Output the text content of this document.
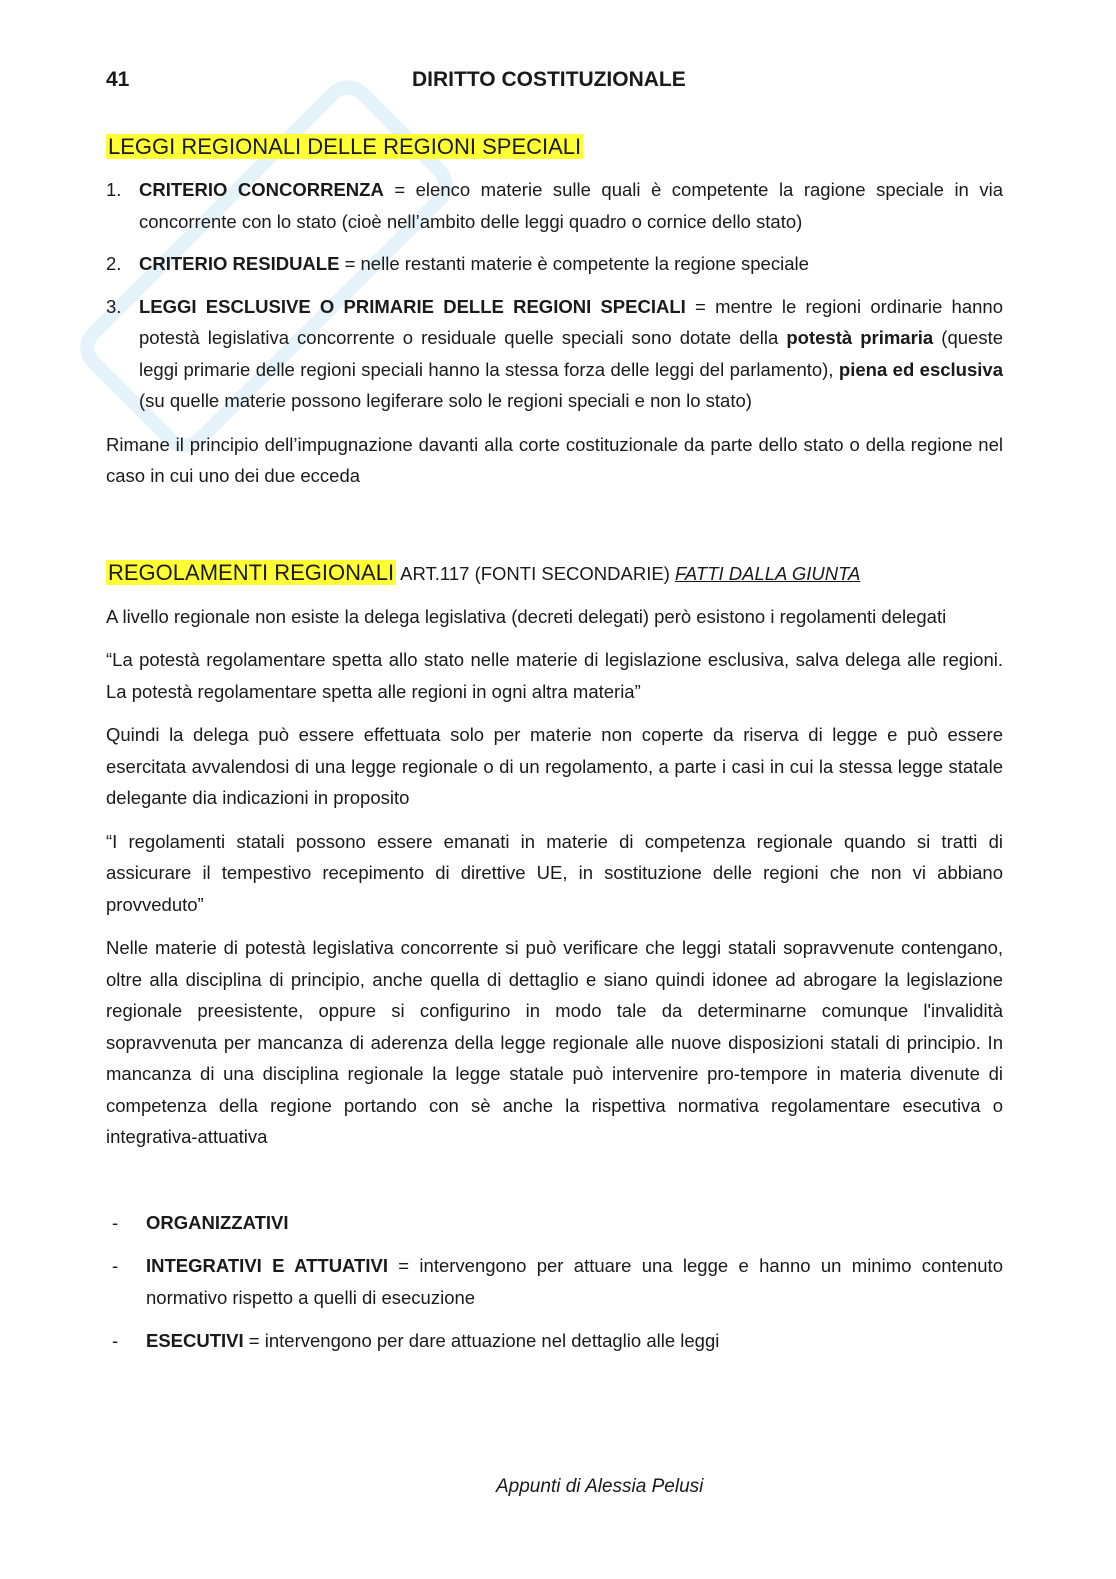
41	DIRITTO COSTITUZIONALE
LEGGI REGIONALI DELLE REGIONI SPECIALI
1. CRITERIO CONCORRENZA = elenco materie sulle quali è competente la ragione speciale in via concorrente con lo stato (cioè nell’ambito delle leggi quadro o cornice dello stato)
2. CRITERIO RESIDUALE = nelle restanti materie è competente la regione speciale
3. LEGGI ESCLUSIVE O PRIMARIE DELLE REGIONI SPECIALI = mentre le regioni ordinarie hanno potestà legislativa concorrente o residuale quelle speciali sono dotate della potestà primaria (queste leggi primarie delle regioni speciali hanno la stessa forza delle leggi del parlamento), piena ed esclusiva (su quelle materie possono legiferare solo le regioni speciali e non lo stato)

Rimane il principio dell’impugnazione davanti alla corte costituzionale da parte dello stato o della regione nel caso in cui uno dei due ecceda

REGOLAMENTI REGIONALI ART.117 (FONTI SECONDARIE) FATTI DALLA GIUNTA

A livello regionale non esiste la delega legislativa (decreti delegati) però esistono i regolamenti delegati

“La potestà regolamentare spetta allo stato nelle materie di legislazione esclusiva, salva delega alle regioni. La potestà regolamentare spetta alle regioni in ogni altra materia”

Quindi la delega può essere effettuata solo per materie non coperte da riserva di legge e può essere esercitata avvalendosi di una legge regionale o di un regolamento, a parte i casi in cui la stessa legge statale delegante dia indicazioni in proposito

“I regolamenti statali possono essere emanati in materie di competenza regionale quando si tratti di assicurare il tempestivo recepimento di direttive UE, in sostituzione delle regioni che non vi abbiano provveduto”

Nelle materie di potestà legislativa concorrente si può verificare che leggi statali sopravvenute contengano, oltre alla disciplina di principio, anche quella di dettaglio e siano quindi idonee ad abrogare la legislazione regionale preesistente, oppure si configurino in modo tale da determinarne comunque l'invalidità sopravvenuta per mancanza di aderenza della legge regionale alle nuove disposizioni statali di principio. In mancanza di una disciplina regionale la legge statale può intervenire pro-tempore in materia divenute di competenza della regione portando con sè anche la rispettiva normativa regolamentare esecutiva o integrativa-attuativa

- ORGANIZZATIVI
- INTEGRATIVI E ATTUATIVI = intervengono per attuare una legge e hanno un minimo contenuto normativo rispetto a quelli di esecuzione
- ESECUTIVI = intervengono per dare attuazione nel dettaglio alle leggi
Appunti di Alessia Pelusi
